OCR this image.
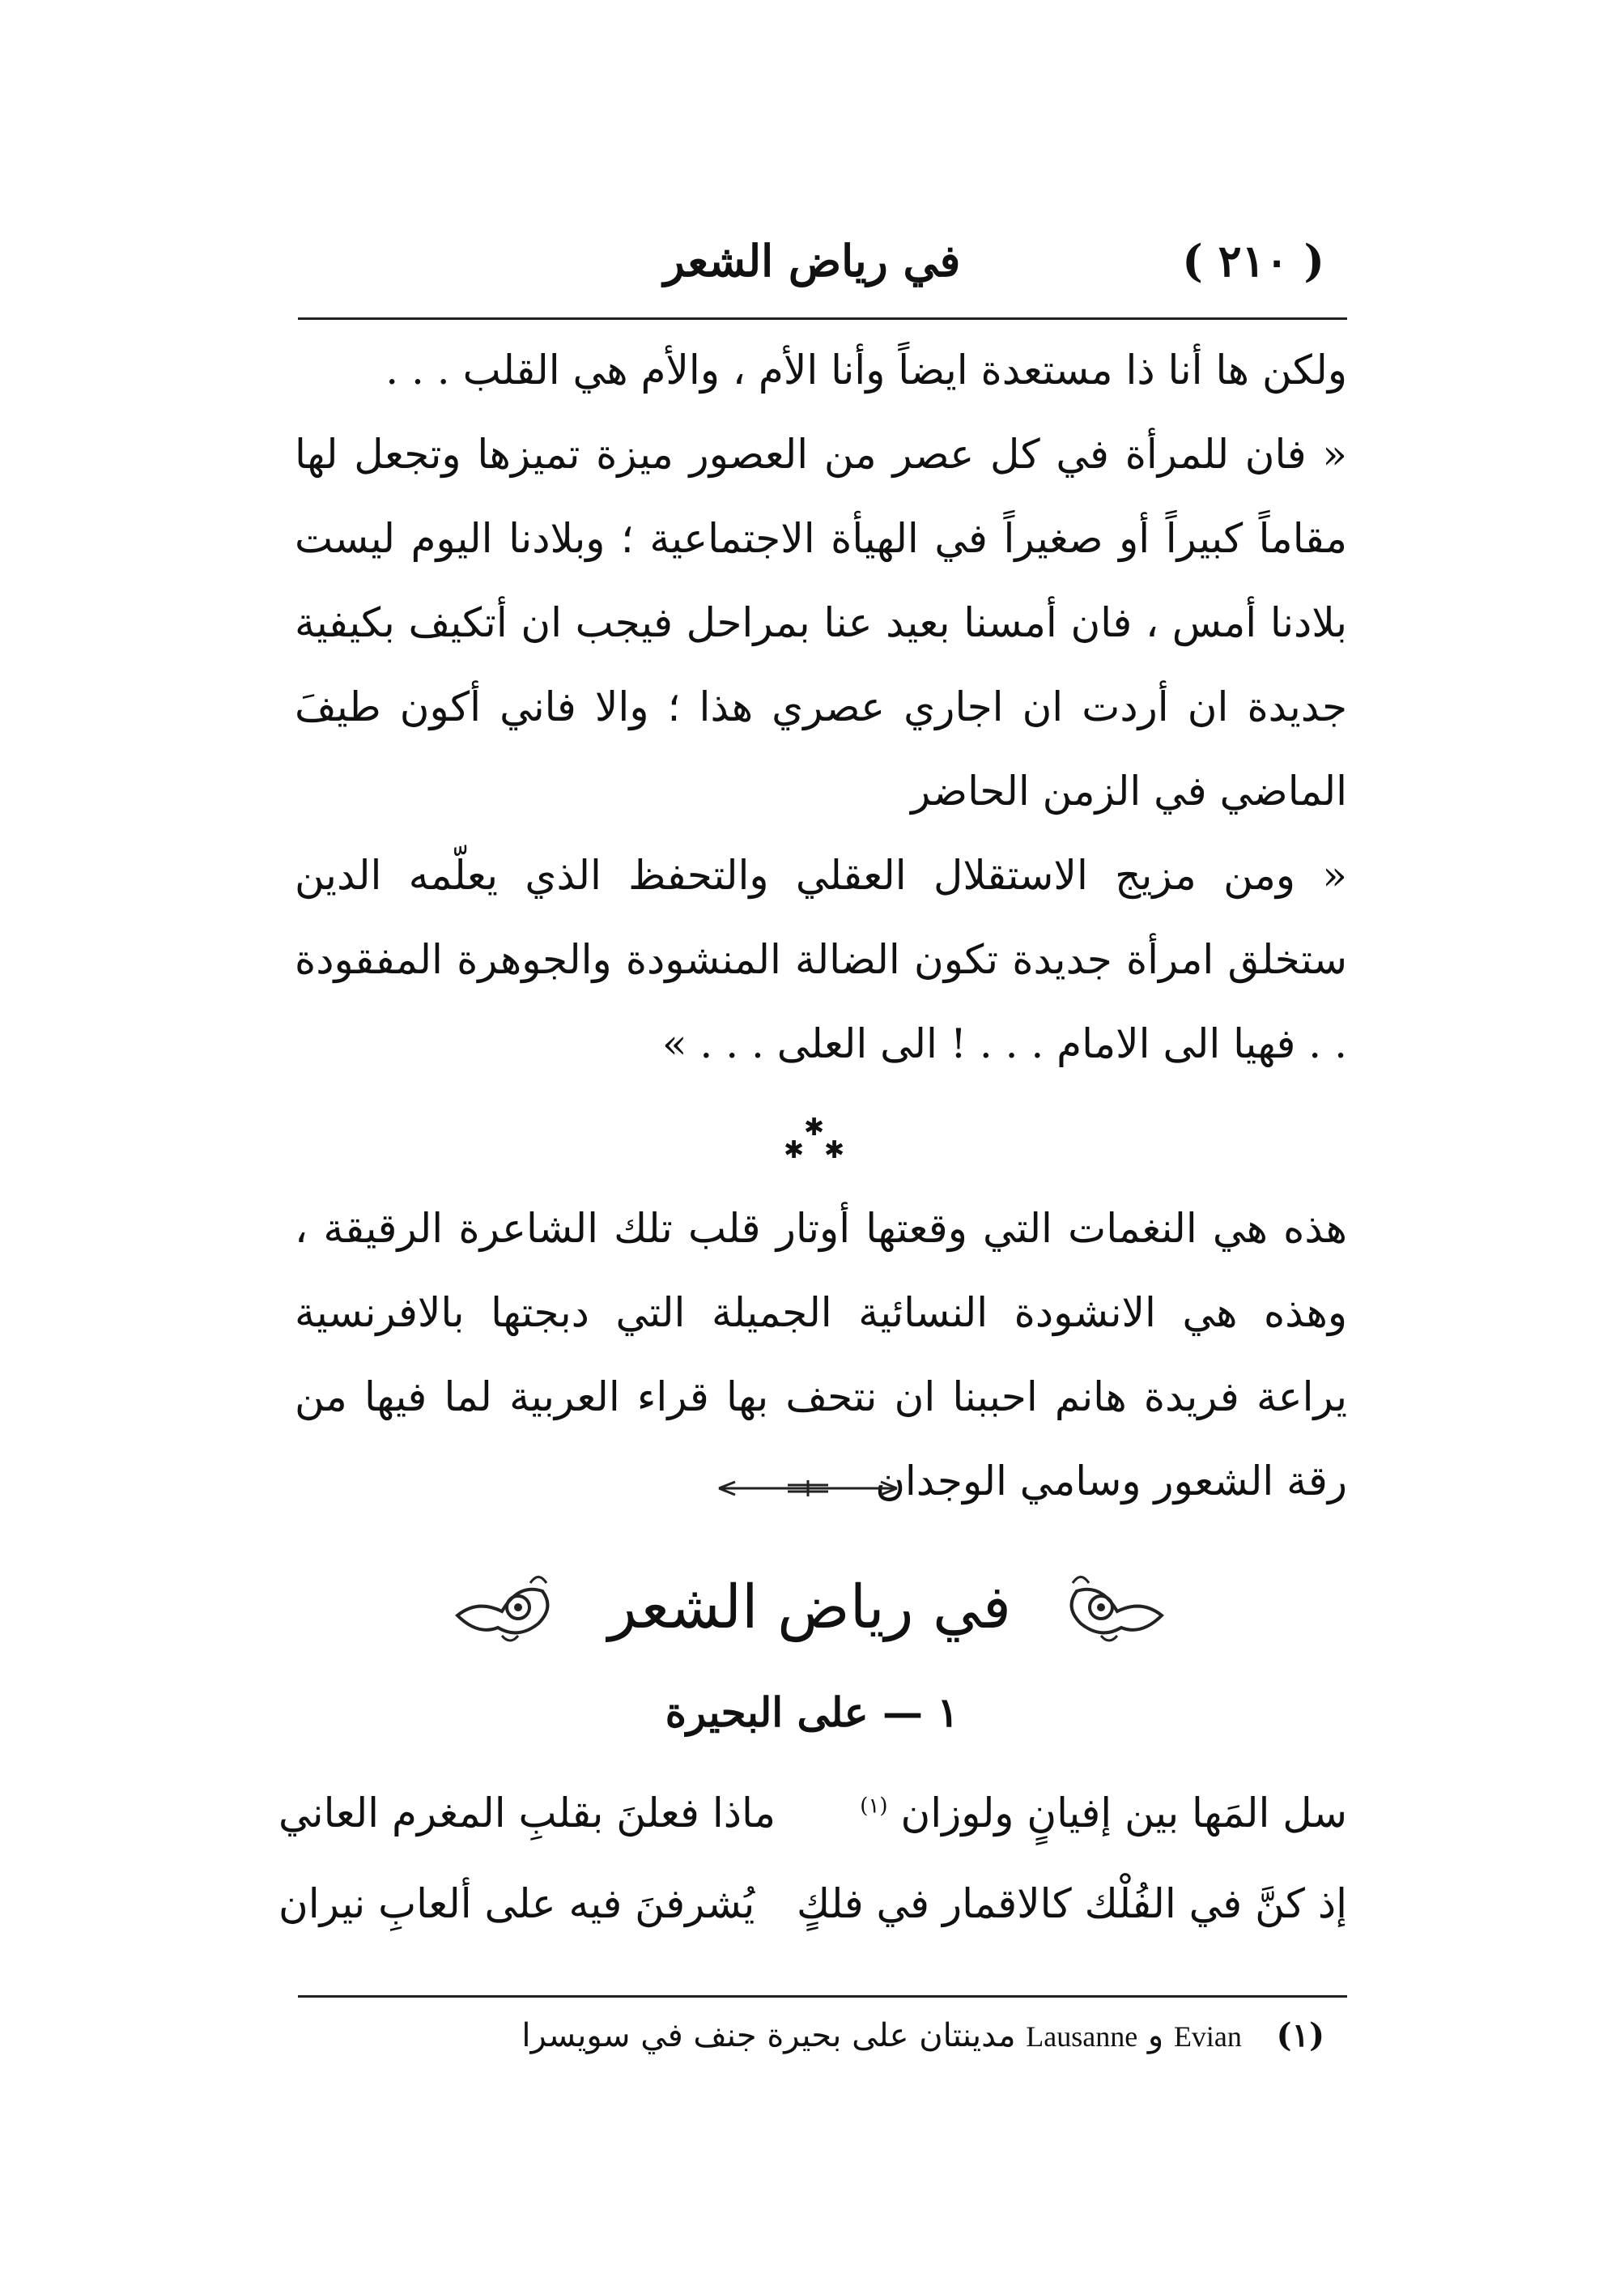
( ٢١٠ )
في رياض الشعر

ولكن ها أنا ذا مستعدة ايضاً وأنا الأم ، والأم هي القلب . . .

« فان للمرأة في كل عصر من العصور ميزة تميزها وتجعل لها مقاماً كبيراً أو صغيراً في الهيأة الاجتماعية ؛ وبلادنا اليوم ليست بلادنا أمس ، فان أمسنا بعيد عنا بمراحل فيجب ان أتكيف بكيفية جديدة ان أردت ان اجاري عصري هذا ؛ والا فاني أكون طيفَ الماضي في الزمن الحاضر

« ومن مزيج الاستقلال العقلي والتحفظ الذي يعلّمه الدين ستخلق امرأة جديدة تكون الضالة المنشودة والجوهرة المفقودة . . فهيا الى الامام . . . ! الى العلى . . . »

✱
✱ ✱

هذه هي النغمات التي وقعتها أوتار قلب تلك الشاعرة الرقيقة ، وهذه هي الانشودة النسائية الجميلة التي دبجتها بالافرنسية يراعة فريدة هانم احببنا ان نتحف بها قراء العربية لما فيها من رقة الشعور وسامي الوجدان

في رياض الشعر
١ — على البحيرة
سل المَها بين إفيانٍ ولوزان $^{(١)}$
ماذا فعلنَ بقلبِ المغرم العاني
إذ كنَّ في الفُلْك كالاقمار في فلكٍ
يُشرفنَ فيه على ألعابِ نيران
(١) Evian و Lausanne مدينتان على بحيرة جنف في سويسرا
